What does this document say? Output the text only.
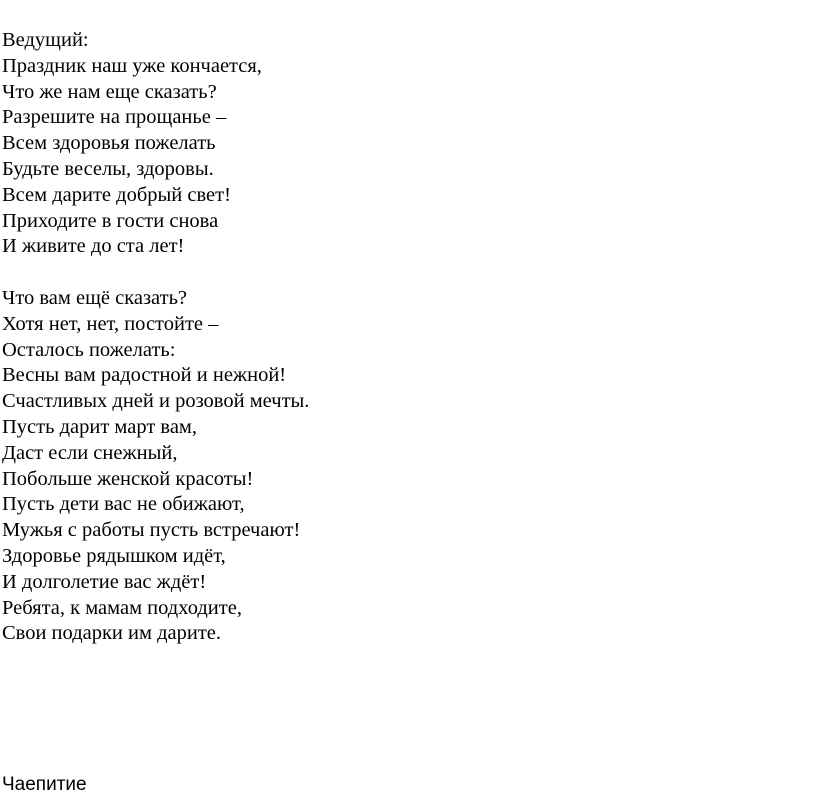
Ведущий:
Праздник наш уже кончается,
Что же нам еще сказать?
Разрешите на прощанье –
Всем здоровья пожелать
Будьте веселы, здоровы.
Всем дарите добрый свет!
Приходите в гости снова
И живите до ста лет!
Что вам ещё сказать?
Хотя нет, нет, постойте –
Осталось пожелать:
Весны вам радостной и нежной!
Счастливых дней и розовой мечты.
Пусть дарит март вам,
Даст если снежный,
Побольше женской красоты!
Пусть дети вас не обижают,
Мужья с работы пусть встречают!
Здоровье рядышком идёт,
И долголетие вас ждёт!
Ребята, к мамам подходите,
Свои подарки им дарите.
Чаепитие
